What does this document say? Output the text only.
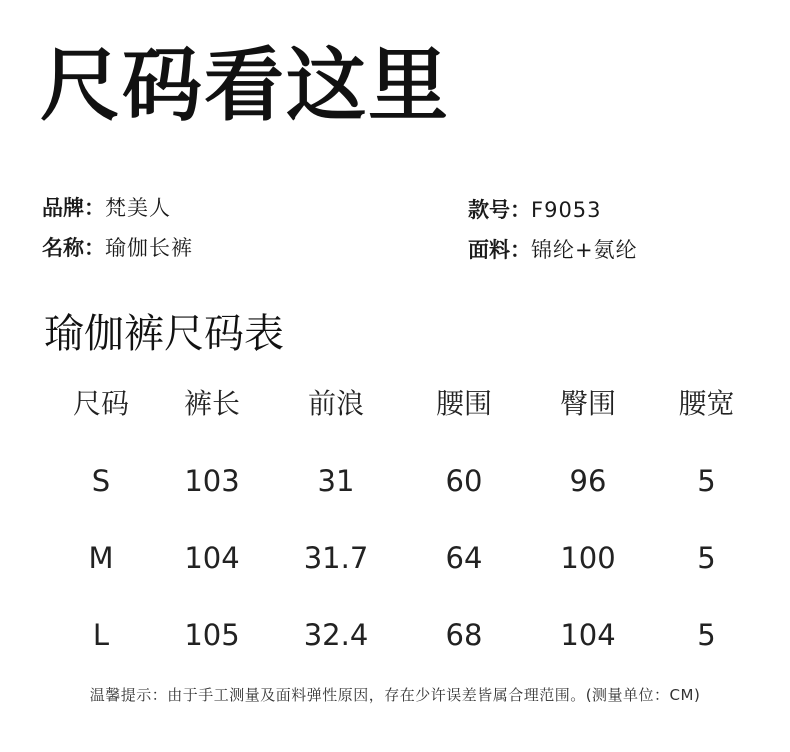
尺码看这里
品牌：梵美人
名称：瑜伽长裤
款号：F9053
面料：锦纶+氨纶
瑜伽裤尺码表
尺码	裤长	前浪	腰围	臀围	腰宽
S	103	31	60	96	5
M	104	31.7	64	100	5
L	105	32.4	68	104	5
温馨提示：由于手工测量及面料弹性原因，存在少许误差皆属合理范围。(测量单位：CM)
